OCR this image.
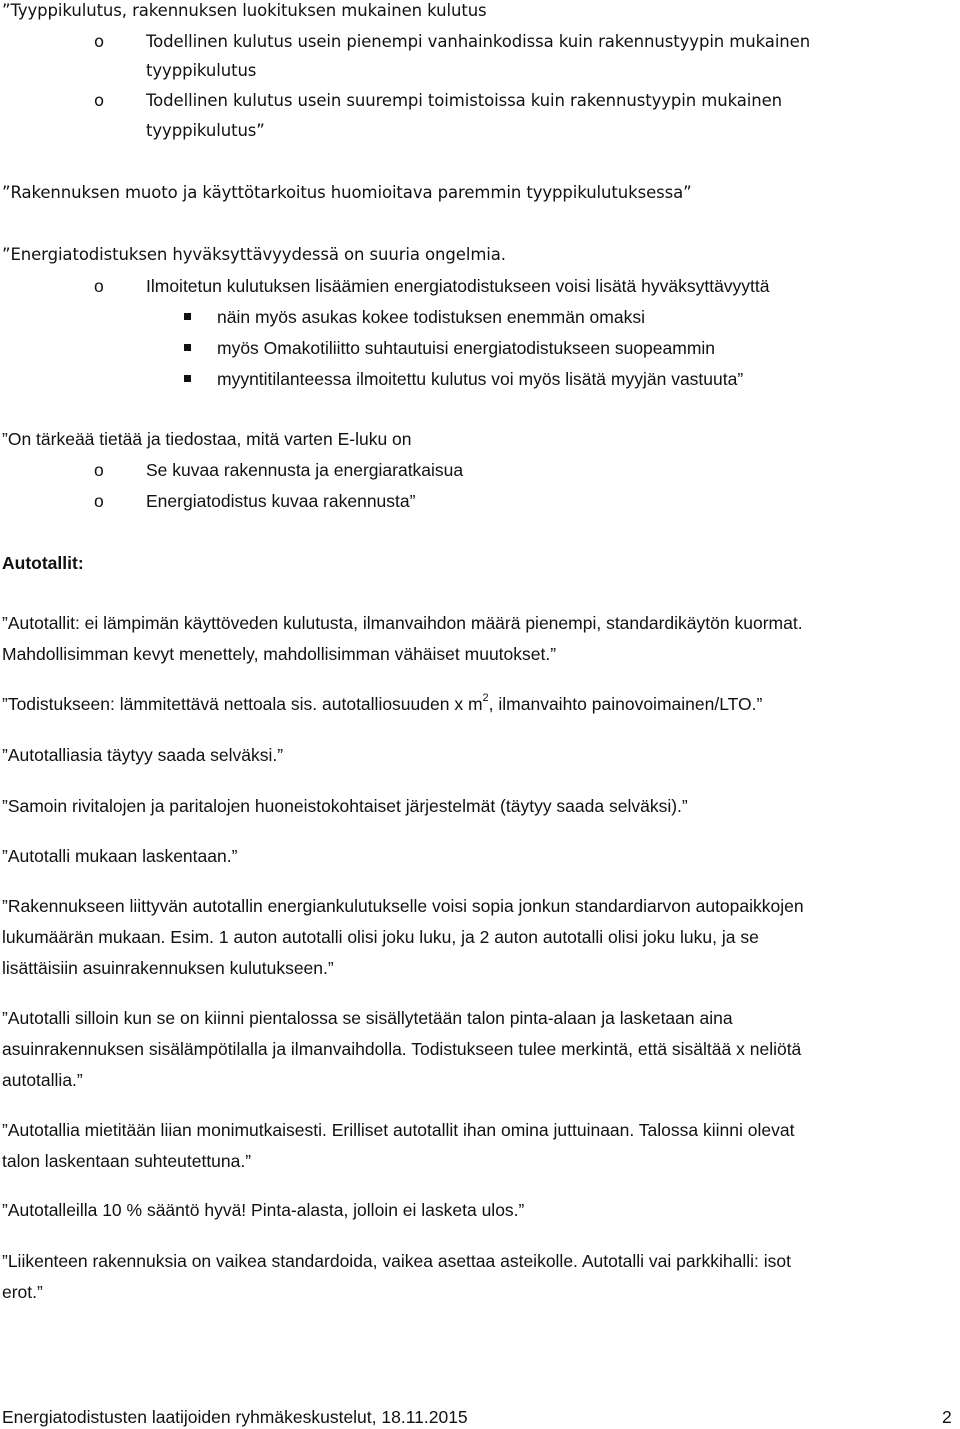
”Tyyppikulutus, rakennuksen luokituksen mukainen kulutus
o	Todellinen kulutus usein pienempi vanhainkodissa kuin rakennustyypin mukainen
tyyppikulutus
o	Todellinen kulutus usein suurempi toimistoissa kuin rakennustyypin mukainen
tyyppikulutus”
”Rakennuksen muoto ja käyttötarkoitus huomioitava paremmin tyyppikulutuksessa”
”Energiatodistuksen hyväksyttävyydessä on suuria ongelmia.
o Ilmoitetun kulutuksen lisäämien energiatodistukseen voisi lisätä hyväksyttävyyttä
näin myös asukas kokee todistuksen enemmän omaksi
myös Omakotiliitto suhtautuisi energiatodistukseen suopeammin
myyntitilanteessa ilmoitettu kulutus voi myös lisätä myyjän vastuuta”
”On tärkeää tietää ja tiedostaa, mitä varten E-luku on
o Se kuvaa rakennusta ja energiaratkaisua
o Energiatodistus kuvaa rakennusta”
Autotallit:
”Autotallit: ei lämpimän käyttöveden kulutusta, ilmanvaihdon määrä pienempi, standardikäytön kuormat.
Mahdollisimman kevyt menettely, mahdollisimman vähäiset muutokset.”
”Todistukseen: lämmitettävä nettoala sis. autotalliosuuden x $m^2$, ilmanvaihto painovoimainen/LTO.”
”Autotalliasia täytyy saada selväksi.”
”Samoin rivitalojen ja paritalojen huoneistokohtaiset järjestelmät (täytyy saada selväksi).”
”Autotalli mukaan laskentaan.”
”Rakennukseen liittyvän autotallin energiankulutukselle voisi sopia jonkun standardiarvon autopaikkojen
lukumäärän mukaan. Esim. 1 auton autotalli olisi joku luku, ja 2 auton autotalli olisi joku luku, ja se
lisättäisiin asuinrakennuksen kulutukseen.”
”Autotalli silloin kun se on kiinni pientalossa se sisällytetään talon pinta-alaan ja lasketaan aina
asuinrakennuksen sisälämpötilalla ja ilmanvaihdolla. Todistukseen tulee merkintä, että sisältää x neliötä
autotallia.”
”Autotallia mietitään liian monimutkaisesti. Erilliset autotallit ihan omina juttuinaan. Talossa kiinni olevat
talon laskentaan suhteutettuna.”
”Autotalleilla 10 % sääntö hyvä! Pinta-alasta, jolloin ei lasketa ulos.”
”Liikenteen rakennuksia on vaikea standardoida, vaikea asettaa asteikolle. Autotalli vai parkkihalli: isot
erot.”
Energiatodistusten laatijoiden ryhmäkeskustelut, 18.11.2015	2
